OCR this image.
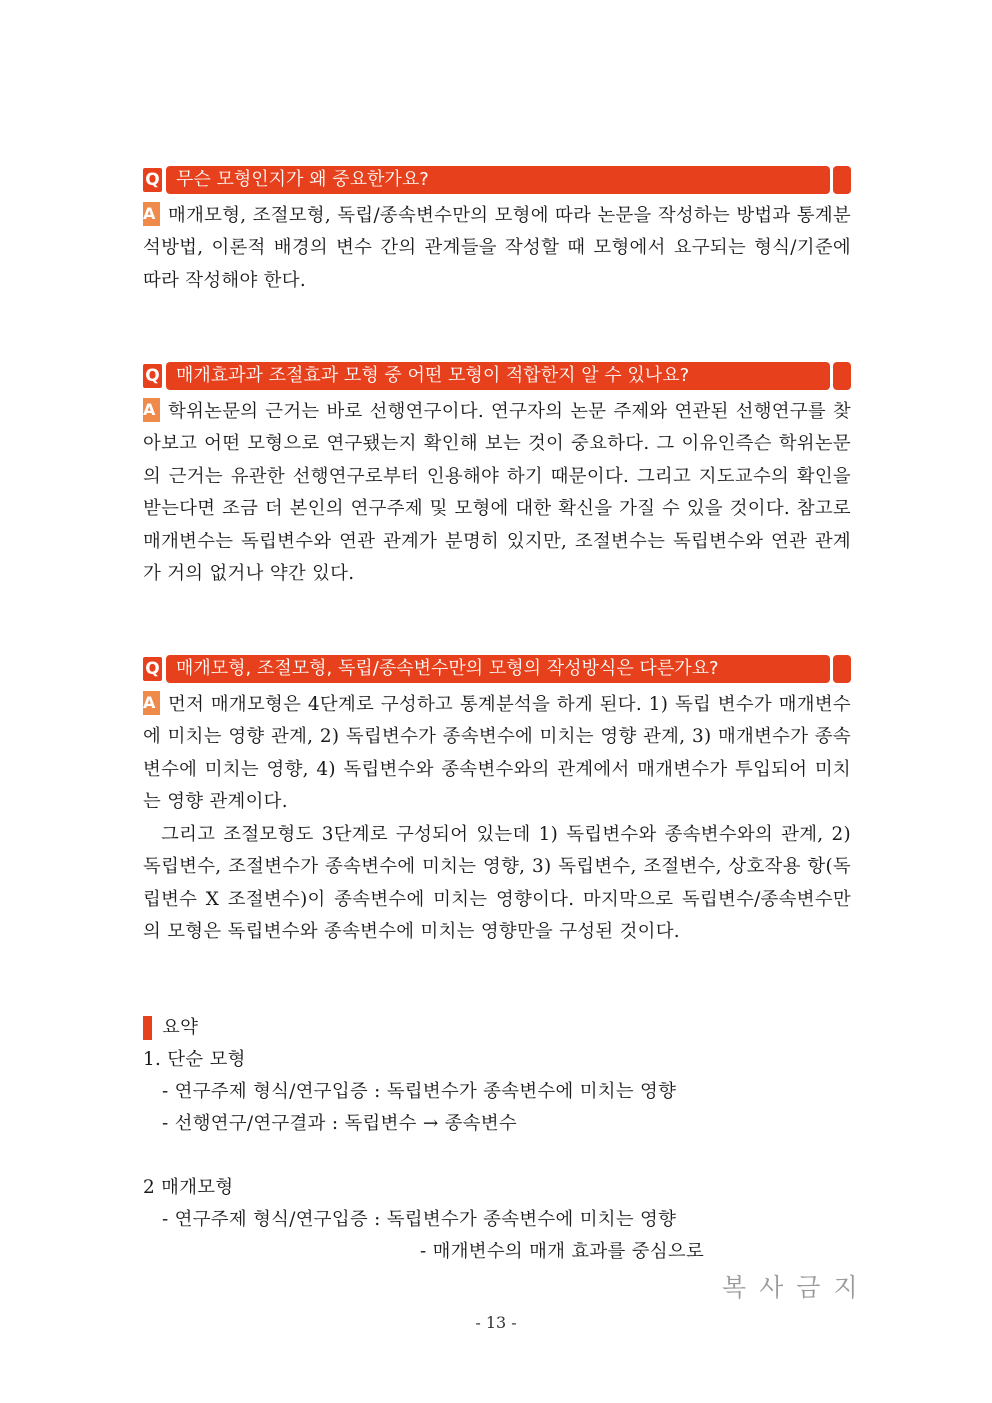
Q 무슨 모형인지가 왜 중요한가요?

A 매개모형, 조절모형, 독립/종속변수만의 모형에 따라 논문을 작성하는 방법과 통계분석방법, 이론적 배경의 변수 간의 관계들을 작성할 때 모형에서 요구되는 형식/기준에 따라 작성해야 한다.

Q 매개효과과 조절효과 모형 중 어떤 모형이 적합한지 알 수 있나요?

A 학위논문의 근거는 바로 선행연구이다. 연구자의 논문 주제와 연관된 선행연구를 찾아보고 어떤 모형으로 연구됐는지 확인해 보는 것이 중요하다. 그 이유인즉슨 학위논문의 근거는 유관한 선행연구로부터 인용해야 하기 때문이다. 그리고 지도교수의 확인을 받는다면 조금 더 본인의 연구주제 및 모형에 대한 확신을 가질 수 있을 것이다. 참고로 매개변수는 독립변수와 연관 관계가 분명히 있지만, 조절변수는 독립변수와 연관 관계가 거의 없거나 약간 있다.

Q 매개모형, 조절모형, 독립/종속변수만의 모형의 작성방식은 다른가요?

A 먼저 매개모형은 4단계로 구성하고 통계분석을 하게 된다. 1) 독립 변수가 매개변수에 미치는 영향 관계, 2) 독립변수가 종속변수에 미치는 영향 관계, 3) 매개변수가 종속변수에 미치는 영향, 4) 독립변수와 종속변수와의 관계에서 매개변수가 투입되어 미치는 영향 관계이다.

그리고 조절모형도 3단계로 구성되어 있는데 1) 독립변수와 종속변수와의 관계, 2) 독립변수, 조절변수가 종속변수에 미치는 영향, 3) 독립변수, 조절변수, 상호작용 항(독립변수 X 조절변수)이 종속변수에 미치는 영향이다. 마지막으로 독립변수/종속변수만의 모형은 독립변수와 종속변수에 미치는 영향만을 구성된 것이다.

요약
1. 단순 모형
- 연구주제 형식/연구입증 : 독립변수가 종속변수에 미치는 영향
- 선행연구/연구결과 : 독립변수 → 종속변수
2 매개모형
- 연구주제 형식/연구입증 : 독립변수가 종속변수에 미치는 영향
- 매개변수의 매개 효과를 중심으로
복사금지
- 13 -
